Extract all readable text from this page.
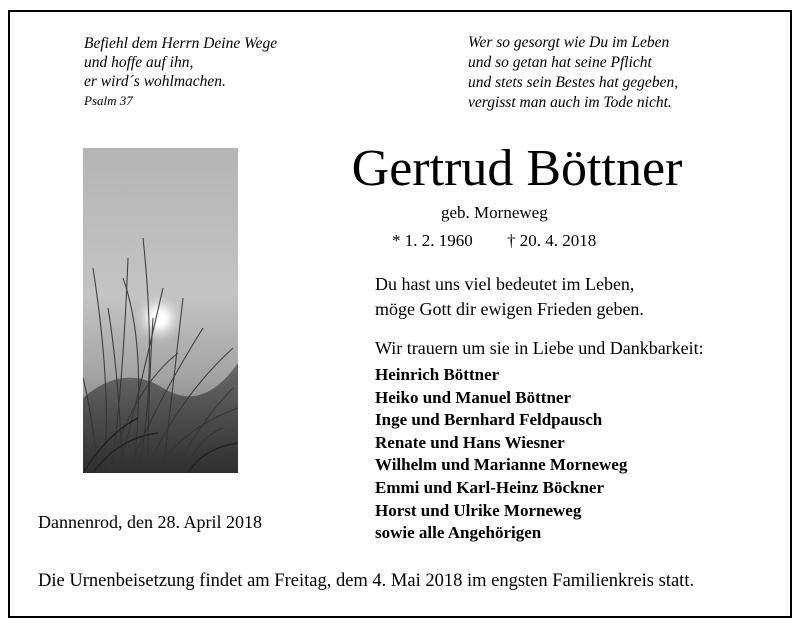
Befiehl dem Herrn Deine Wege
und hoffe auf ihn,
er wird´s wohlmachen.
Psalm 37
Wer so gesorgt wie Du im Leben
und so getan hat seine Pflicht
und stets sein Bestes hat gegeben,
vergisst man auch im Tode nicht.
Gertrud Böttner
geb. Morneweg
* 1. 2. 1960 † 20. 4. 2018
Du hast uns viel bedeutet im Leben,
möge Gott dir ewigen Frieden geben.
Wir trauern um sie in Liebe und Dankbarkeit:
Heinrich Böttner
Heiko und Manuel Böttner
Inge und Bernhard Feldpausch
Renate und Hans Wiesner
Wilhelm und Marianne Morneweg
Emmi und Karl-Heinz Böckner
Horst und Ulrike Morneweg
sowie alle Angehörigen
Dannenrod, den 28. April 2018
Die Urnenbeisetzung findet am Freitag, dem 4. Mai 2018 im engsten Familienkreis statt.
